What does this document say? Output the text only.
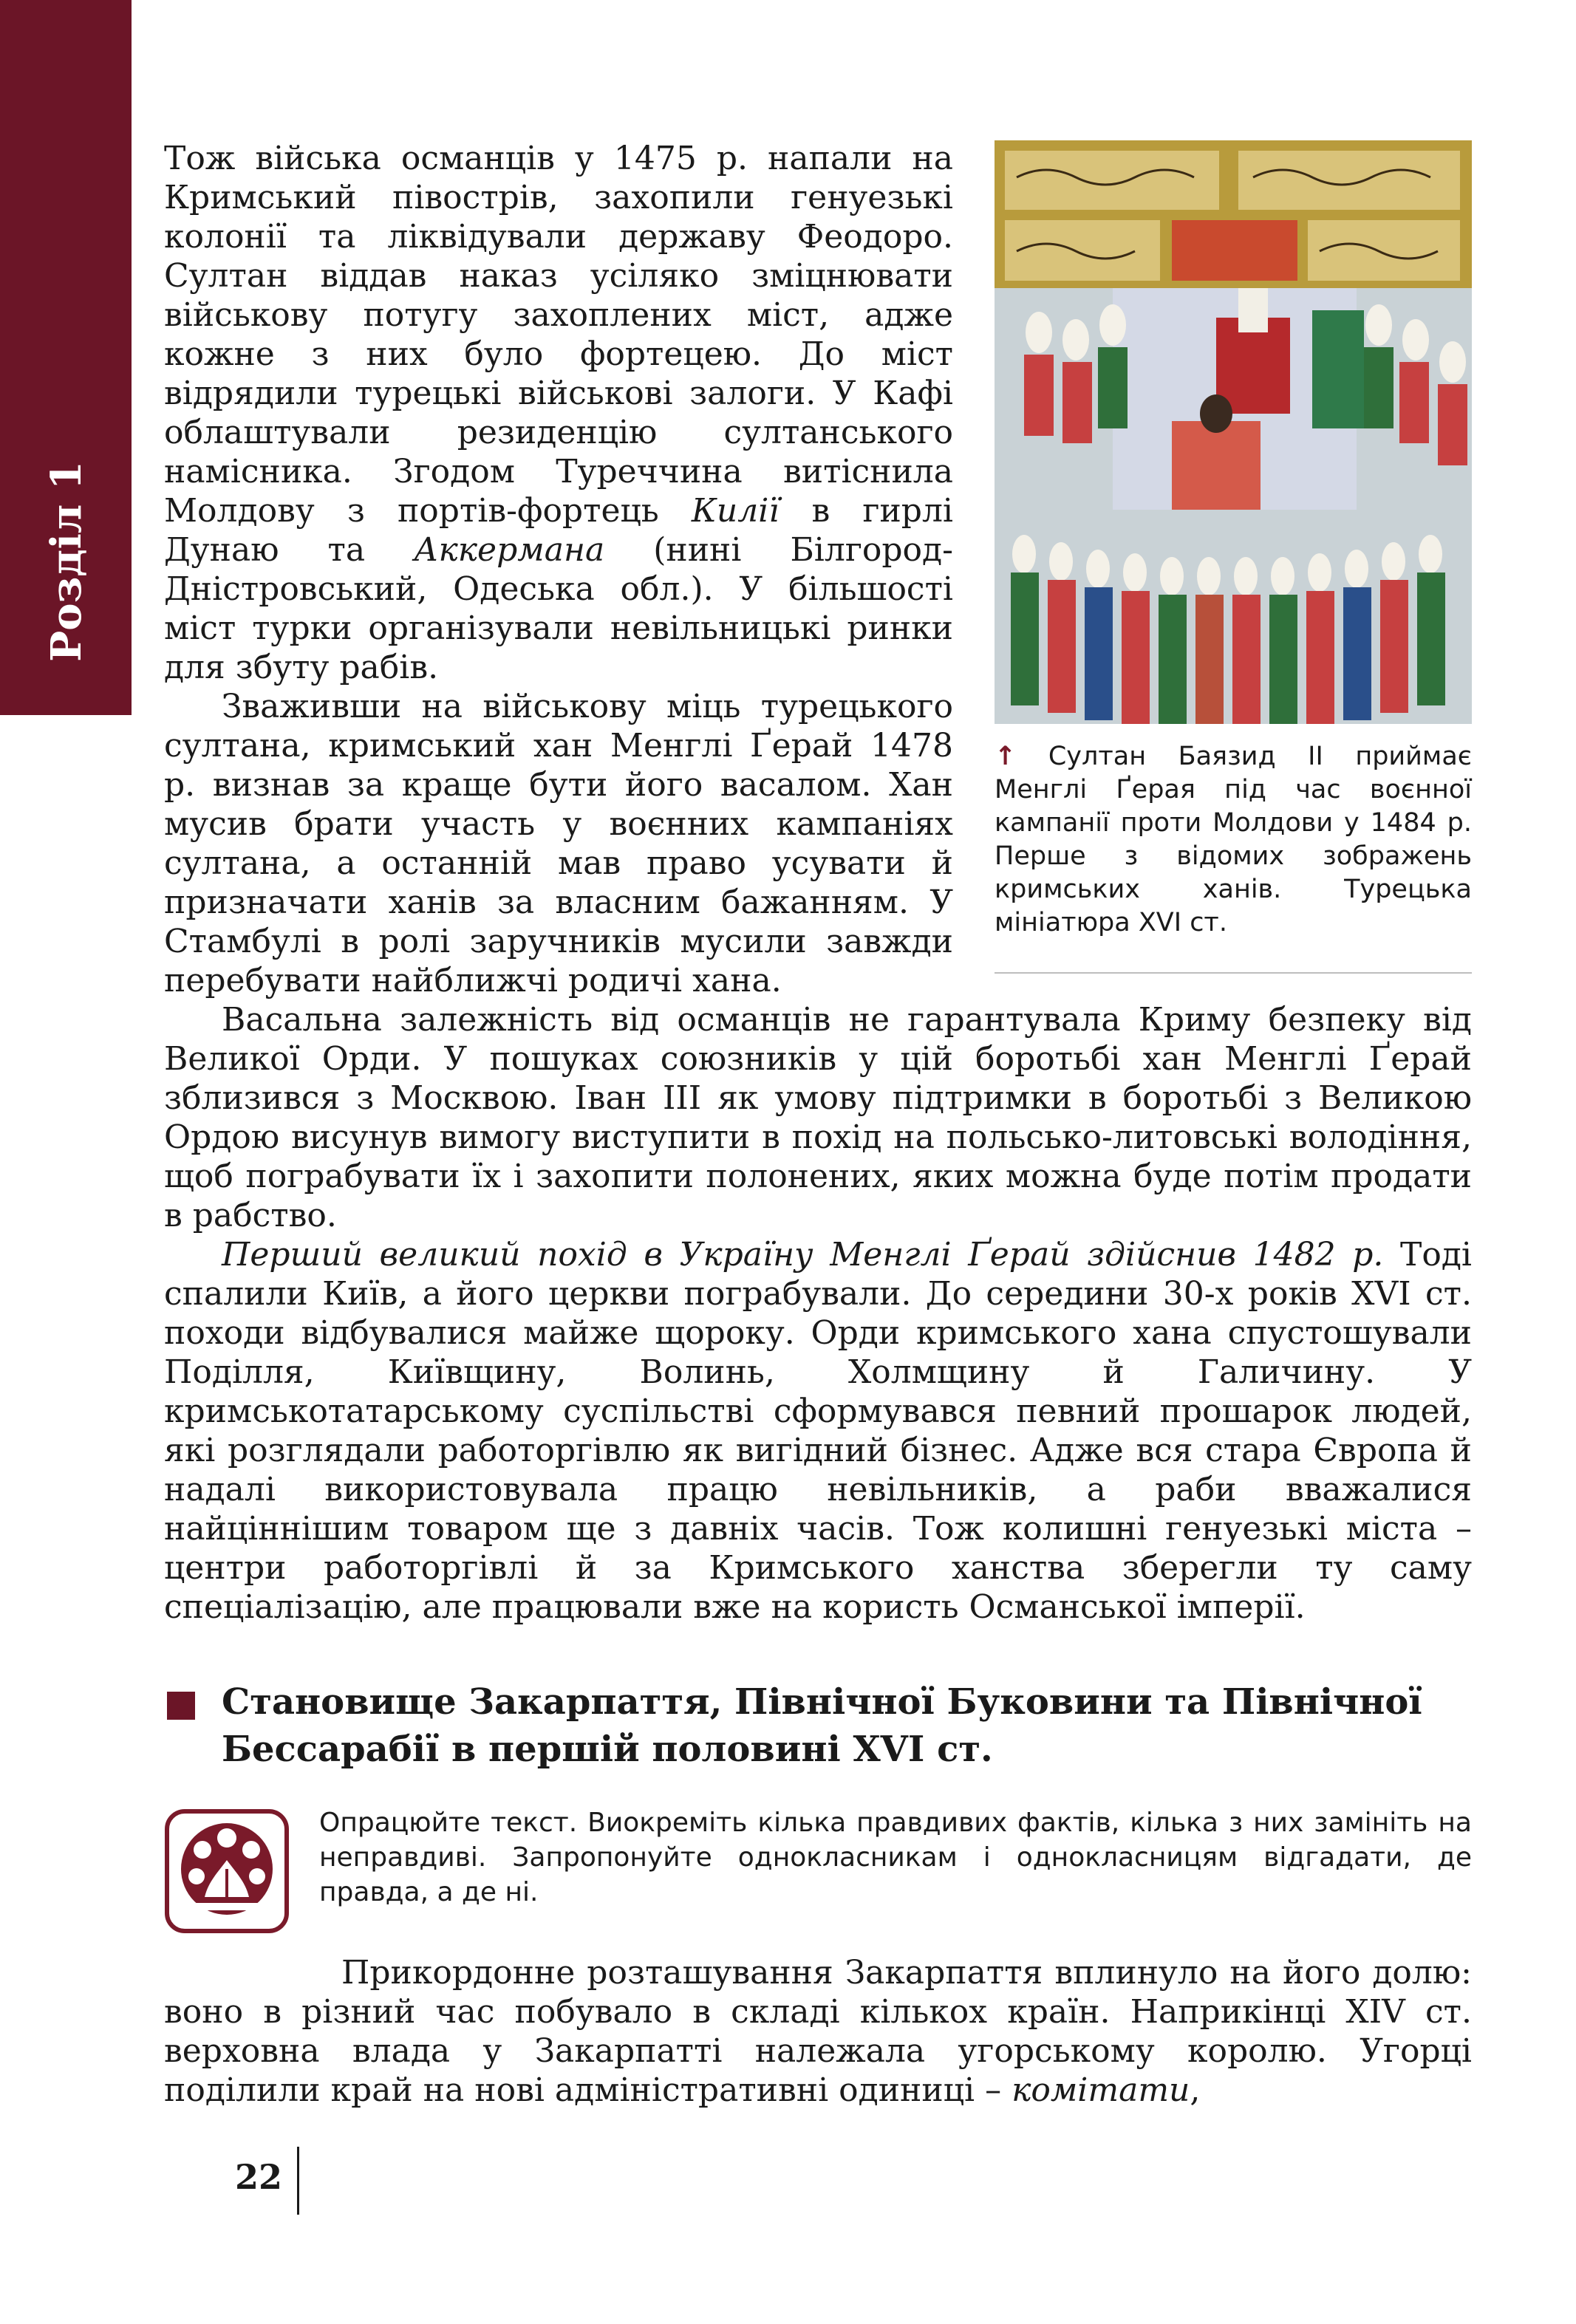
Розділ 1

Тож війська османців у 1475 р. напали на Кримський півострів, захопили генуезькі колонії та ліквідували державу Феодоро. Султан віддав наказ усіляко зміцнювати військову потугу захоплених міст, адже кожне з них було фортецею. До міст відрядили турецькі військові залоги. У Кафі облаштували резиденцію султанського намісника. Згодом Туреччина витіснила Молдову з портів-фортець Килії в гирлі Дунаю та Аккермана (нині Білгород-Дністровський, Одеська обл.). У більшості міст турки організували невільницькі ринки для збуту рабів.

Зваживши на військову міць турецького султана, кримський хан Менглі Ґерай 1478 р. визнав за краще бути його васалом. Хан мусив брати участь у воєнних кампаніях султана, а останній мав право усувати й призначати ханів за власним бажанням. У Стамбулі в ролі заручників мусили завжди перебувати найближчі родичі хана.

Васальна залежність від османців не гарантувала Криму безпеку від Великої Орди. У пошуках союзників у цій боротьбі хан Менглі Ґерай зблизився з Москвою. Іван III як умову підтримки в боротьбі з Великою Ордою висунув вимогу виступити в похід на польсько-литовські володіння, щоб пограбувати їх і захопити полонених, яких можна буде потім продати в рабство.

Перший великий похід в Україну Менглі Ґерай здійснив 1482 р. Тоді спалили Київ, а його церкви пограбували. До середини 30-х років XVI ст. походи відбувалися майже щороку. Орди кримського хана спустошували Поділля, Київщину, Волинь, Холмщину й Галичину. У кримськотатарському суспільстві сформувався певний прошарок людей, які розглядали работоргівлю як вигідний бізнес. Адже вся стара Європа й надалі використовувала працю невільників, а раби вважалися найціннішим товаром ще з давніх часів. Тож колишні генуезькі міста – центри работоргівлі й за Кримського ханства зберегли ту саму спеціалізацію, але працювали вже на користь Османської імперії.

↑ Султан Баязид II приймає Менглі Ґерая під час воєнної кампанії проти Молдови у 1484 р. Перше з відомих зображень кримських ханів. Турецька мініатюра XVI ст.
Становище Закарпаття, Північної Буковини та Північної Бессарабії в першій половині XVI ст.

Опрацюйте текст. Виокреміть кілька правдивих фактів, кілька з них замініть на неправдиві. Запропонуйте однокласникам і однокласницям відгадати, де правда, а де ні.

Прикордонне розташування Закарпаття вплинуло на його долю: воно в різний час побувало в складі кількох країн. Наприкінці XIV ст. верховна влада у Закарпатті належала угорському королю. Угорці поділили край на нові адміністративні одиниці – комітати,

22
